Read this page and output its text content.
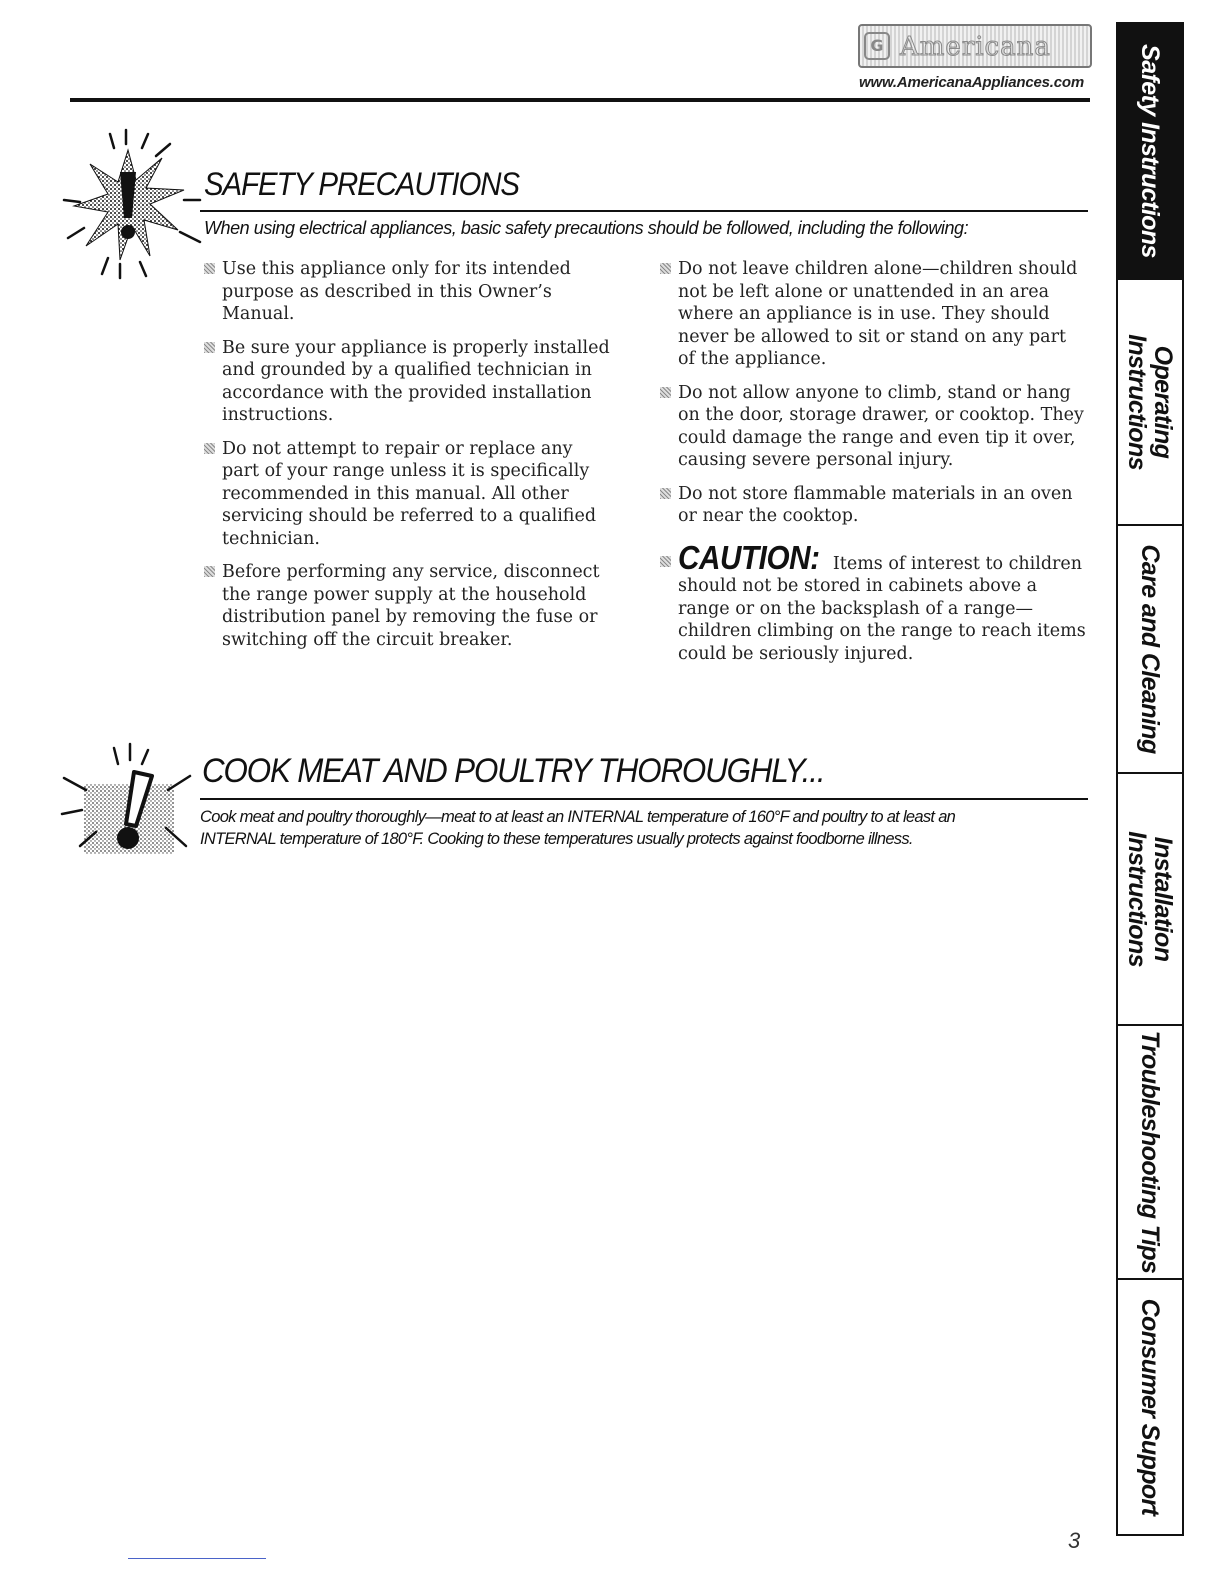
G Americana
www.AmericanaAppliances.com
SAFETY PRECAUTIONS
When using electrical appliances, basic safety precautions should be followed, including the following:
Use this appliance only for its intended purpose as described in this Owner’s Manual.
Be sure your appliance is properly installed and grounded by a qualified technician in accordance with the provided installation instructions.
Do not attempt to repair or replace any part of your range unless it is specifically recommended in this manual. All other servicing should be referred to a qualified technician.
Before performing any service, disconnect the range power supply at the household distribution panel by removing the fuse or switching off the circuit breaker.
Do not leave children alone—children should not be left alone or unattended in an area where an appliance is in use. They should never be allowed to sit or stand on any part of the appliance.
Do not allow anyone to climb, stand or hang on the door, storage drawer, or cooktop. They could damage the range and even tip it over, causing severe personal injury.
Do not store flammable materials in an oven or near the cooktop.
CAUTION: Items of interest to children should not be stored in cabinets above a range or on the backsplash of a range—children climbing on the range to reach items could be seriously injured.
COOK MEAT AND POULTRY THOROUGHLY...
Cook meat and poultry thoroughly—meat to at least an INTERNAL temperature of 160°F and poultry to at least an
INTERNAL temperature of 180°F. Cooking to these temperatures usually protects against foodborne illness.
Safety Instructions
Operating
Instructions
Care and Cleaning
Installation
Instructions
Troubleshooting Tips
Consumer Support
3
